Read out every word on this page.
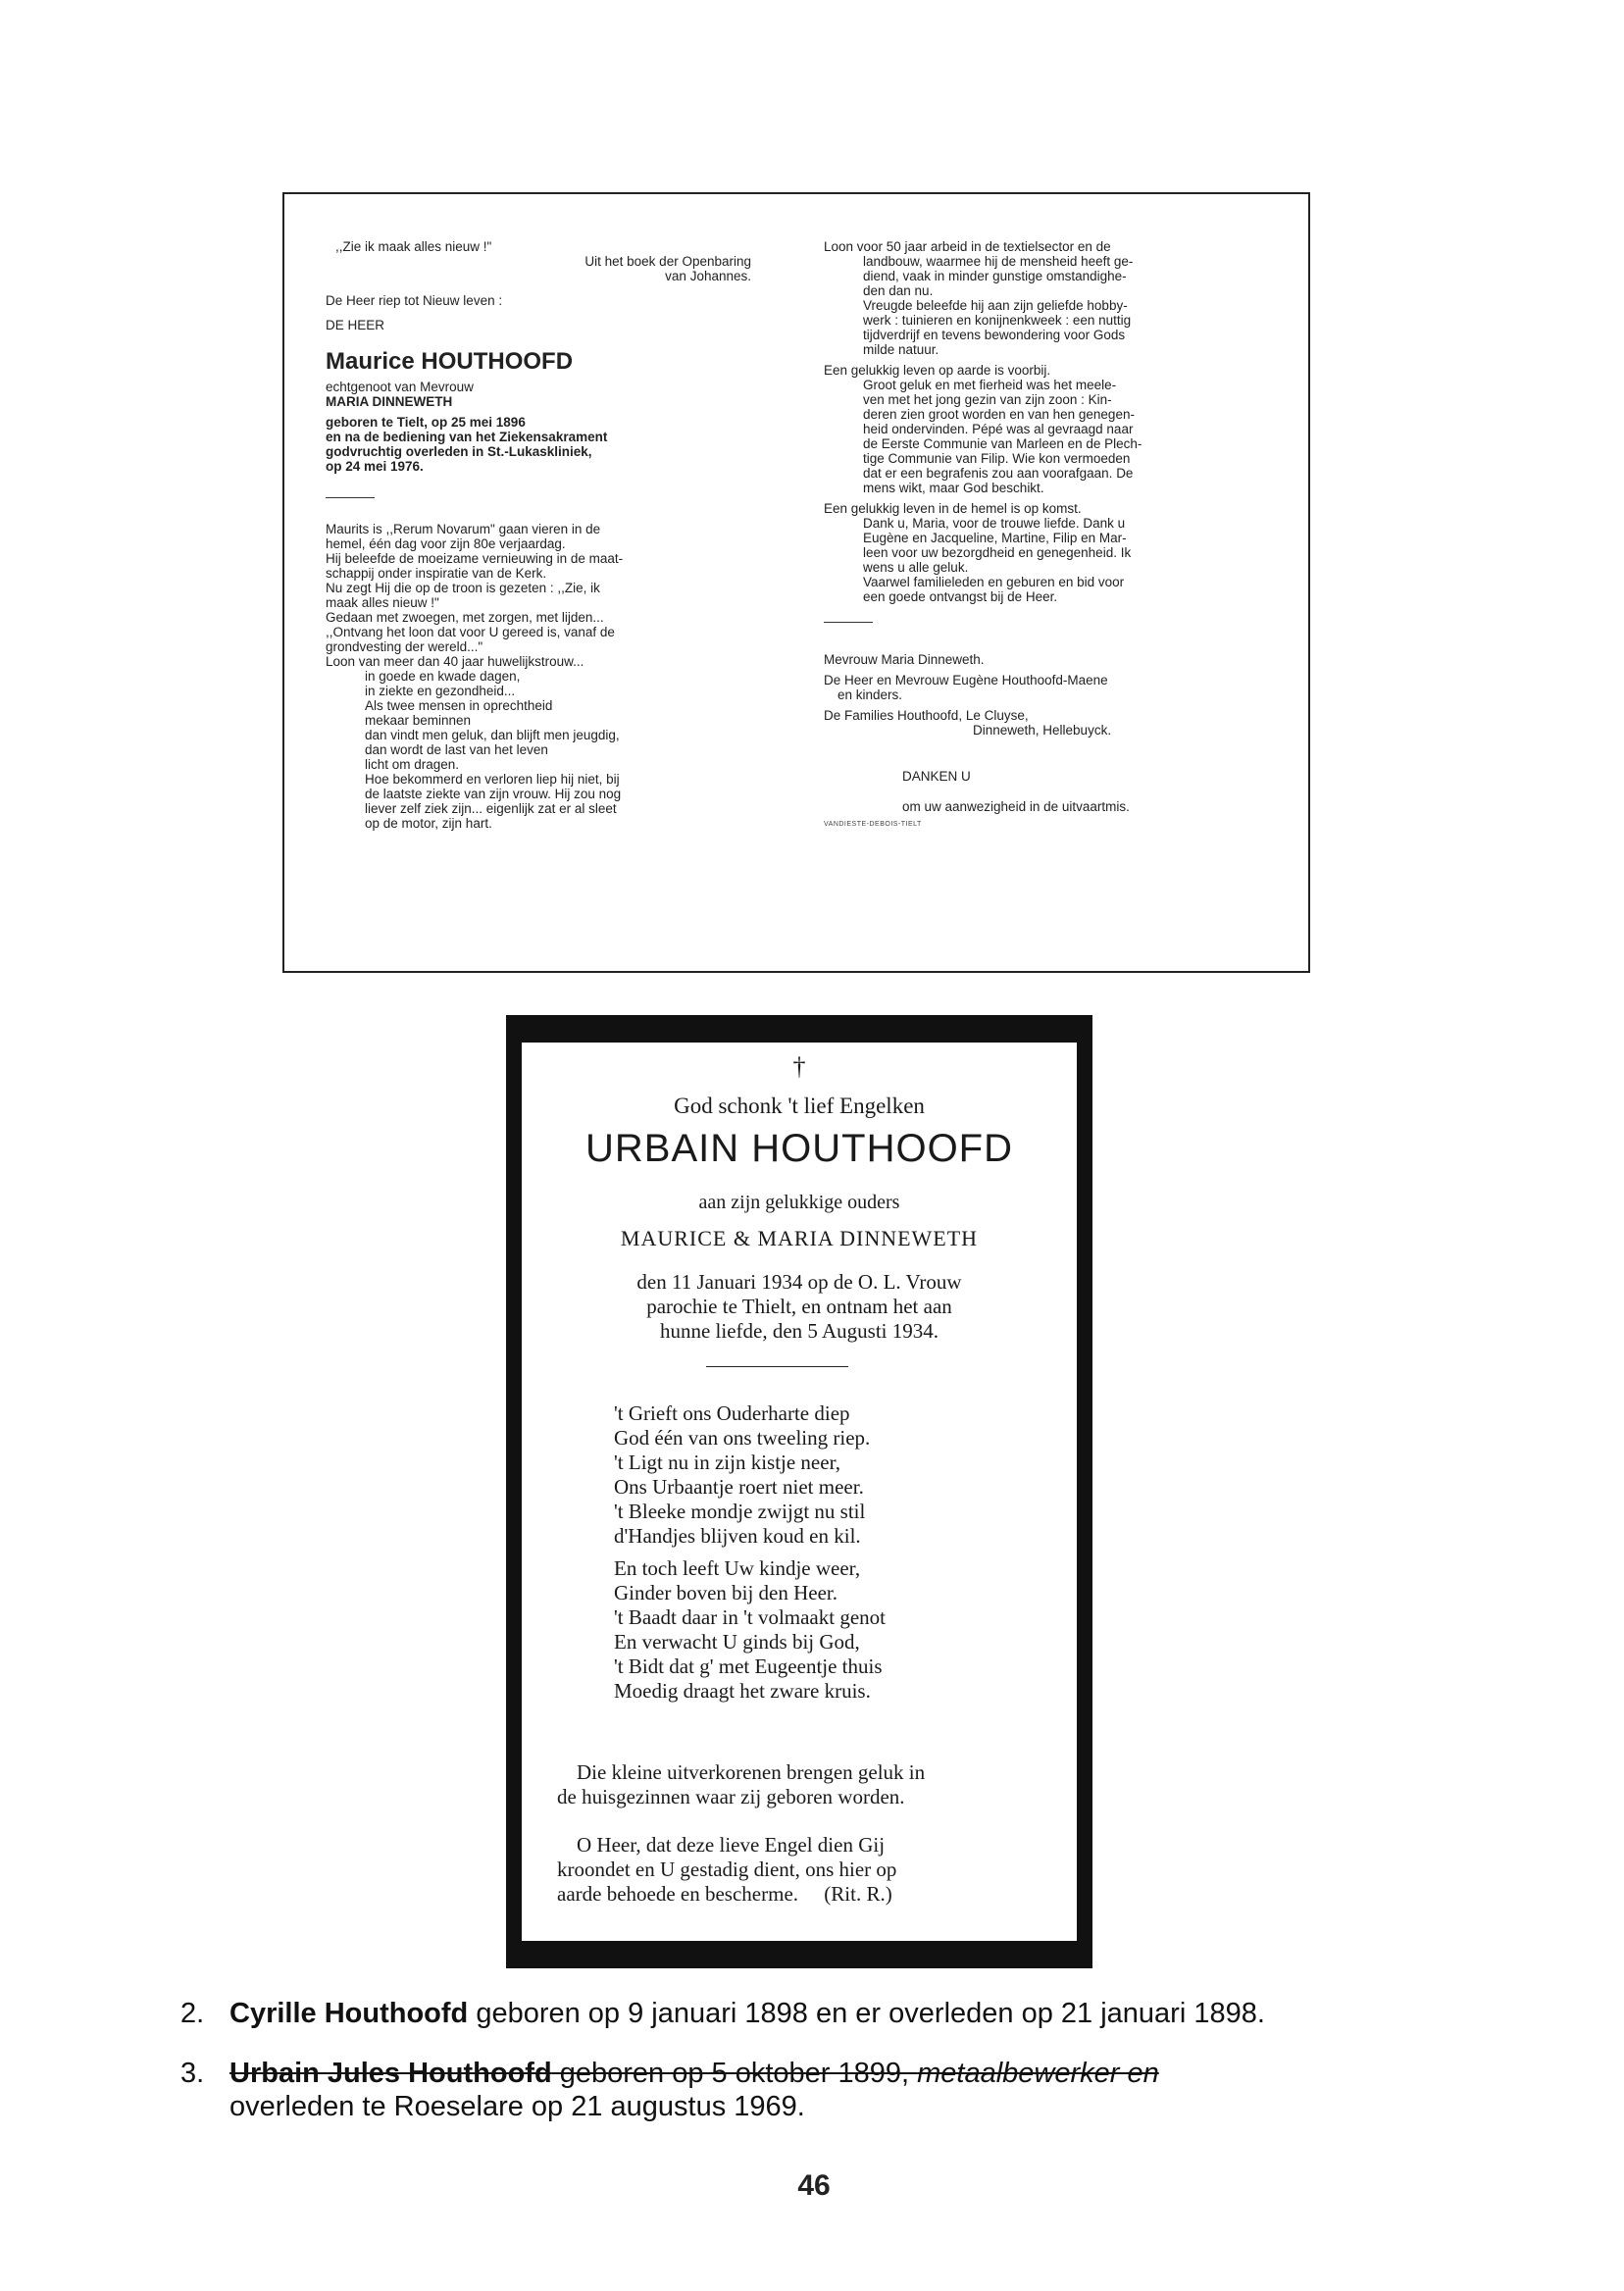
,,Zie ik maak alles nieuw !"
Uit het boek der Openbaring
van Johannes.
De Heer riep tot Nieuw leven :
DE HEER
Maurice HOUTHOOFD
echtgenoot van Mevrouw
MARIA DINNEWETH
geboren te Tielt, op 25 mei 1896
en na de bediening van het Ziekensakrament
godvruchtig overleden in St.-Lukaskliniek,
op 24 mei 1976.
Maurits is ,,Rerum Novarum" gaan vieren in de
hemel, één dag voor zijn 80e verjaardag.
Hij beleefde de moeizame vernieuwing in de maat-
schappij onder inspiratie van de Kerk.
Nu zegt Hij die op de troon is gezeten : ,,Zie, ik
maak alles nieuw !"
Gedaan met zwoegen, met zorgen, met lijden...
,,Ontvang het loon dat voor U gereed is, vanaf de
grondvesting der wereld..."
Loon van meer dan 40 jaar huwelijkstrouw...
in goede en kwade dagen,
in ziekte en gezondheid...
Als twee mensen in oprechtheid
mekaar beminnen
dan vindt men geluk, dan blijft men jeugdig,
dan wordt de last van het leven
licht om dragen.
Hoe bekommerd en verloren liep hij niet, bij
de laatste ziekte van zijn vrouw. Hij zou nog
liever zelf ziek zijn... eigenlijk zat er al sleet
op de motor, zijn hart.
Loon voor 50 jaar arbeid in de textielsector en de
landbouw, waarmee hij de mensheid heeft ge-
diend, vaak in minder gunstige omstandighe-
den dan nu.
Vreugde beleefde hij aan zijn geliefde hobby-
werk : tuinieren en konijnenkweek : een nuttig
tijdverdrijf en tevens bewondering voor Gods
milde natuur.
Een gelukkig leven op aarde is voorbij.
Groot geluk en met fierheid was het meele-
ven met het jong gezin van zijn zoon : Kin-
deren zien groot worden en van hen genegen-
heid ondervinden. Pépé was al gevraagd naar
de Eerste Communie van Marleen en de Plech-
tige Communie van Filip. Wie kon vermoeden
dat er een begrafenis zou aan voorafgaan. De
mens wikt, maar God beschikt.
Een gelukkig leven in de hemel is op komst.
Dank u, Maria, voor de trouwe liefde. Dank u
Eugène en Jacqueline, Martine, Filip en Mar-
leen voor uw bezorgdheid en genegenheid. Ik
wens u alle geluk.
Vaarwel familieleden en geburen en bid voor
een goede ontvangst bij de Heer.
Mevrouw Maria Dinneweth.
De Heer en Mevrouw Eugène Houthoofd-Maene
en kinders.
De Families Houthoofd, Le Cluyse,
Dinneweth, Hellebuyck.
DANKEN U
om uw aanwezigheid in de uitvaartmis.
VANDIESTE-DEBOIS-TIELT
†
God schonk 't lief Engelken
URBAIN HOUTHOOFD
aan zijn gelukkige ouders
MAURICE & MARIA DINNEWETH
den 11 Januari 1934 op de O. L. Vrouw
parochie te Thielt, en ontnam het aan
hunne liefde, den 5 Augusti 1934.
't Grieft ons Ouderharte diep
God één van ons tweeling riep.
't Ligt nu in zijn kistje neer,
Ons Urbaantje roert niet meer.
't Bleeke mondje zwijgt nu stil
d'Handjes blijven koud en kil.
En toch leeft Uw kindje weer,
Ginder boven bij den Heer.
't Baadt daar in 't volmaakt genot
En verwacht U ginds bij God,
't Bidt dat g' met Eugeentje thuis
Moedig draagt het zware kruis.
Die kleine uitverkorenen brengen geluk in
de huisgezinnen waar zij geboren worden.
O Heer, dat deze lieve Engel dien Gij
kroondet en U gestadig dient, ons hier op
aarde behoede en bescherme.     (Rit. R.)
2. Cyrille Houthoofd geboren op 9 januari 1898 en er overleden op 21 januari 1898.
3. Urbain Jules Houthoofd geboren op 5 oktober 1899, metaalbewerker en
overleden te Roeselare op 21 augustus 1969.
46
